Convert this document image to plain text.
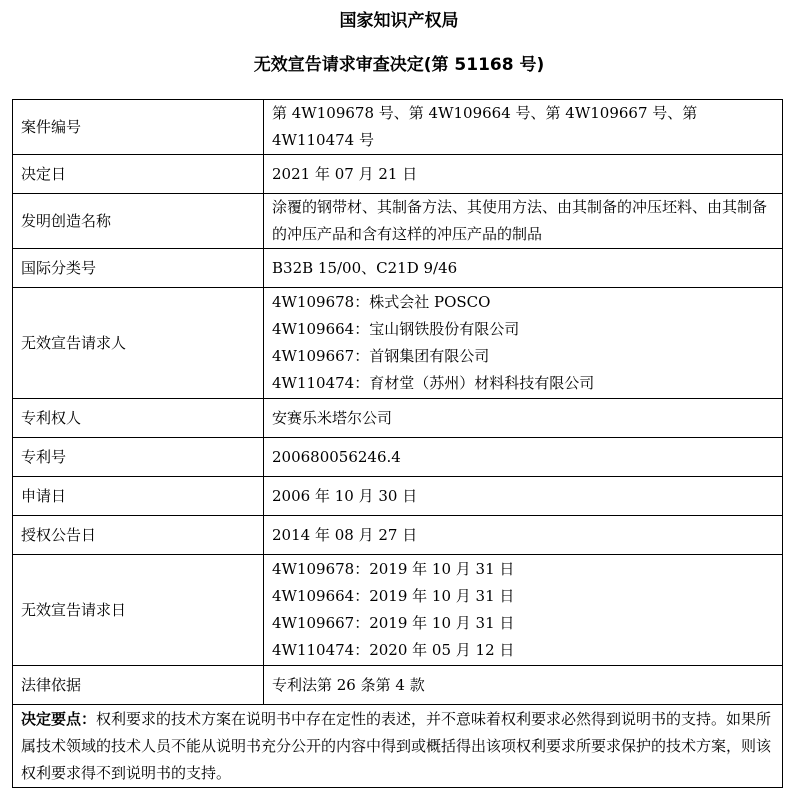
国家知识产权局
无效宣告请求审查决定(第 51168 号)
案件编号	第 4W109678 号、第 4W109664 号、第 4W109667 号、第 4W110474 号
决定日	2021 年 07 月 21 日
发明创造名称	涂覆的钢带材、其制备方法、其使用方法、由其制备的冲压坯料、由其制备的冲压产品和含有这样的冲压产品的制品
国际分类号	B32B 15/00、C21D 9/46
无效宣告请求人	4W109678：株式会社 POSCO
4W109664：宝山钢铁股份有限公司
4W109667：首钢集团有限公司
4W110474：育材堂（苏州）材料科技有限公司

专利权人	安赛乐米塔尔公司
专利号	200680056246.4
申请日	2006 年 10 月 30 日
授权公告日	2014 年 08 月 27 日
无效宣告请求日	4W109678：2019 年 10 月 31 日
4W109664：2019 年 10 月 31 日
4W109667：2019 年 10 月 31 日
4W110474：2020 年 05 月 12 日

法律依据	专利法第 26 条第 4 款
决定要点：权利要求的技术方案在说明书中存在定性的表述，并不意味着权利要求必然得到说明书的支持。如果所属技术领域的技术人员不能从说明书充分公开的内容中得到或概括得出该项权利要求所要求保护的技术方案，则该权利要求得不到说明书的支持。	
